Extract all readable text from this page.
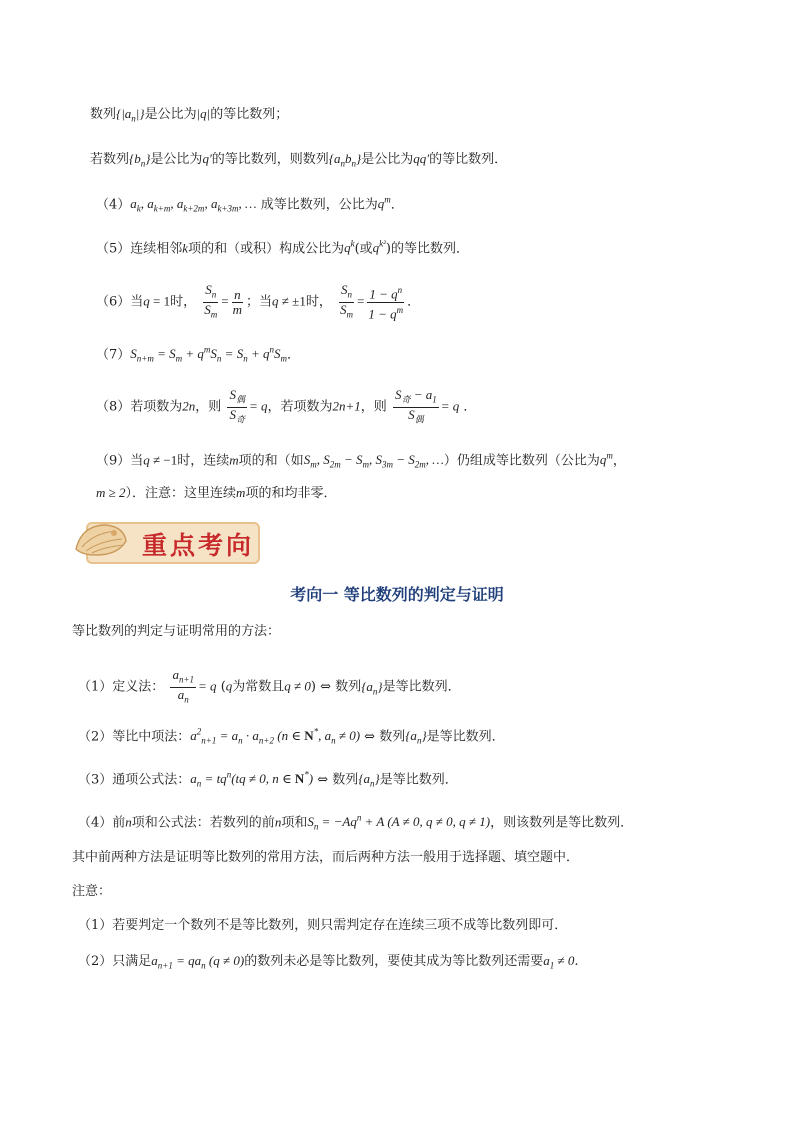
数列$\{|a_n|\}$是公比为|q|的等比数列；
若数列$\{b_n\}$是公比为q′的等比数列，则数列$\{a_nb_n\}$是公比为qq′的等比数列．
$(4)a_k$, $a_{k+m}$, $a_{k+2m}$, $a_{k+3m}$, … 成等比数列，公比为$q^m$．
（5）连续相邻k项的和（或积）构成公比为$q^k$(或$q^{k^2}$)的等比数列．
（6）当q = 1时， $\frac{S_n}{S_m} = \frac{n}{m}$ ；当q ≠ ±1时， $\frac{S_n}{S_m} = \frac{1 - q^n}{1 - q^m}$ ．
$(7)S_{n+m} = S_m + q^mS_n = S_n + q^nS_m$．
（8）若项数为2n，则 $\frac{S_偶}{S_奇} = q$，若项数为2n+1，则 $\frac{S_奇 - a_1}{S_偶} = q$ ．
（9）当q ≠ −1时，连续m项的和（如$S_m$, $S_{2m} - S_m$, $S_{3m} - S_{2m}$, …）仍组成等比数列（公比为$q^m$，
m ≥ 2）．注意：这里连续m项的和均非零．
重点考向
考向一 等比数列的判定与证明
等比数列的判定与证明常用的方法：
（1）定义法： $\frac{a_{n+1}}{a_n} = q$ (q为常数且q ≠ 0) ⇔ 数列$\{a_n\}$是等比数列．
（2）等比中项法：$a^2_{n+1} = a_n \cdot a_{n+2}$ (n ∈ N*, $a_n \ne 0$) ⇔ 数列$\{a_n\}$是等比数列．
（3）通项公式法：$a_n = tq^n(tq \ne 0$, n ∈ N*) ⇔ 数列$\{a_n\}$是等比数列．
（4）前n项和公式法：若数列的前n项和$S_n = -Aq^n + A$ (A ≠ 0, q ≠ 0, q ≠ 1)，则该数列是等比数列．
其中前两种方法是证明等比数列的常用方法，而后两种方法一般用于选择题、填空题中．
注意：
（1）若要判定一个数列不是等比数列，则只需判定存在连续三项不成等比数列即可．
（2）只满足$a_{n+1} = qa_n$ (q ≠ 0)的数列未必是等比数列，要使其成为等比数列还需要$a_1 \ne 0$.
